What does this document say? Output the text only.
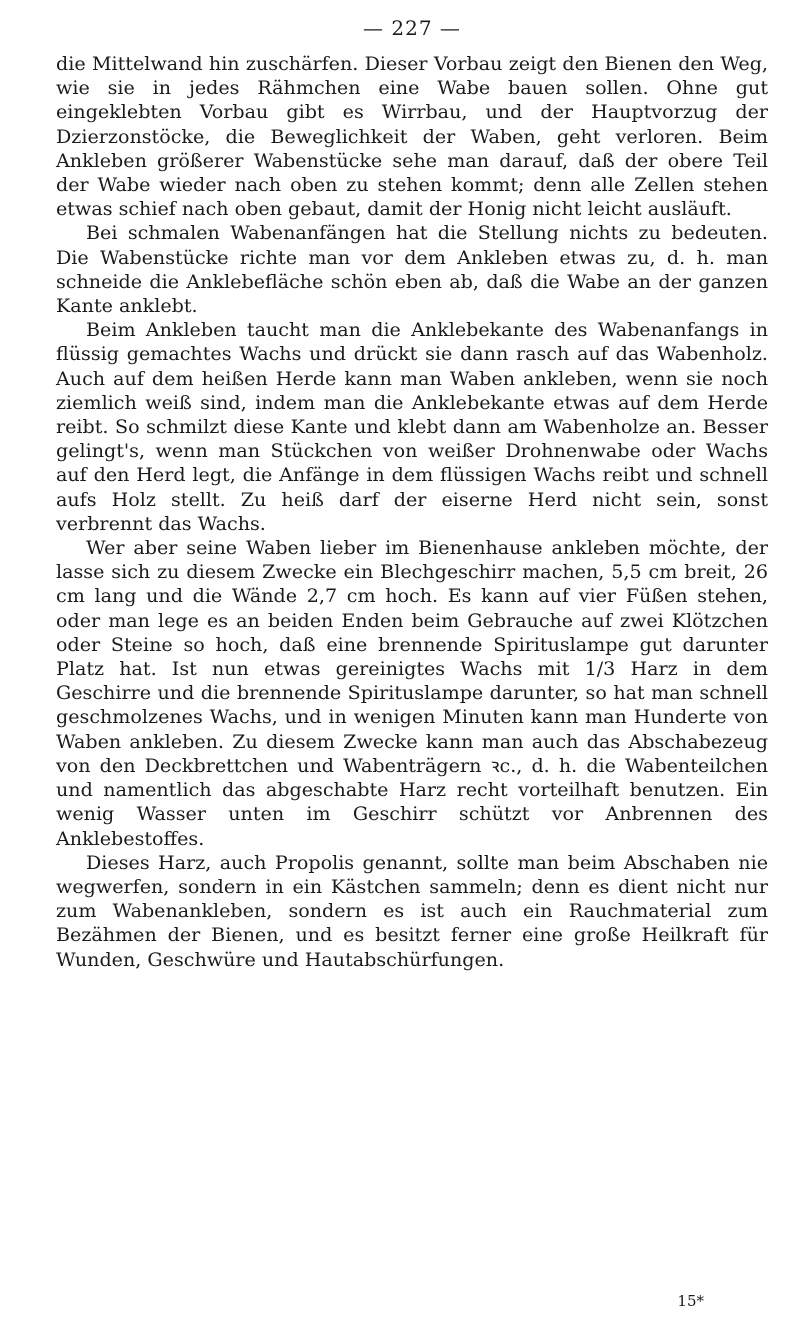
— 227 —

die Mittelwand hin zuschärfen. Dieser Vorbau zeigt den Bienen den Weg, wie sie in jedes Rähmchen eine Wabe bauen sollen. Ohne gut eingeklebten Vorbau gibt es Wirrbau, und der Hauptvorzug der Dzierzonstöcke, die Beweglichkeit der Waben, geht verloren. Beim Ankleben größerer Wabenstücke sehe man darauf, daß der obere Teil der Wabe wieder nach oben zu stehen kommt; denn alle Zellen stehen etwas schief nach oben gebaut, damit der Honig nicht leicht ausläuft.

Bei schmalen Wabenanfängen hat die Stellung nichts zu bedeuten. Die Wabenstücke richte man vor dem Ankleben etwas zu, d. h. man schneide die Anklebefläche schön eben ab, daß die Wabe an der ganzen Kante anklebt.

Beim Ankleben taucht man die Anklebekante des Wabenanfangs in flüssig gemachtes Wachs und drückt sie dann rasch auf das Wabenholz. Auch auf dem heißen Herde kann man Waben ankleben, wenn sie noch ziemlich weiß sind, indem man die Anklebekante etwas auf dem Herde reibt. So schmilzt diese Kante und klebt dann am Wabenholze an. Besser gelingt's, wenn man Stückchen von weißer Drohnenwabe oder Wachs auf den Herd legt, die Anfänge in dem flüssigen Wachs reibt und schnell aufs Holz stellt. Zu heiß darf der eiserne Herd nicht sein, sonst verbrennt das Wachs.

Wer aber seine Waben lieber im Bienenhause ankleben möchte, der lasse sich zu diesem Zwecke ein Blechgeschirr machen, 5,5 cm breit, 26 cm lang und die Wände 2,7 cm hoch. Es kann auf vier Füßen stehen, oder man lege es an beiden Enden beim Gebrauche auf zwei Klötzchen oder Steine so hoch, daß eine brennende Spirituslampe gut darunter Platz hat. Ist nun etwas gereinigtes Wachs mit 1/3 Harz in dem Geschirre und die brennende Spirituslampe darunter, so hat man schnell geschmolzenes Wachs, und in wenigen Minuten kann man Hunderte von Waben ankleben. Zu diesem Zwecke kann man auch das Abschabezeug von den Deckbrettchen und Wabenträgern ꝛc., d. h. die Wabenteilchen und namentlich das abgeschabte Harz recht vorteilhaft benutzen. Ein wenig Wasser unten im Geschirr schützt vor Anbrennen des Anklebestoffes.

Dieses Harz, auch Propolis genannt, sollte man beim Abschaben nie wegwerfen, sondern in ein Kästchen sammeln; denn es dient nicht nur zum Wabenankleben, sondern es ist auch ein Rauchmaterial zum Bezähmen der Bienen, und es besitzt ferner eine große Heilkraft für Wunden, Geschwüre und Hautabschürfungen.

15*
